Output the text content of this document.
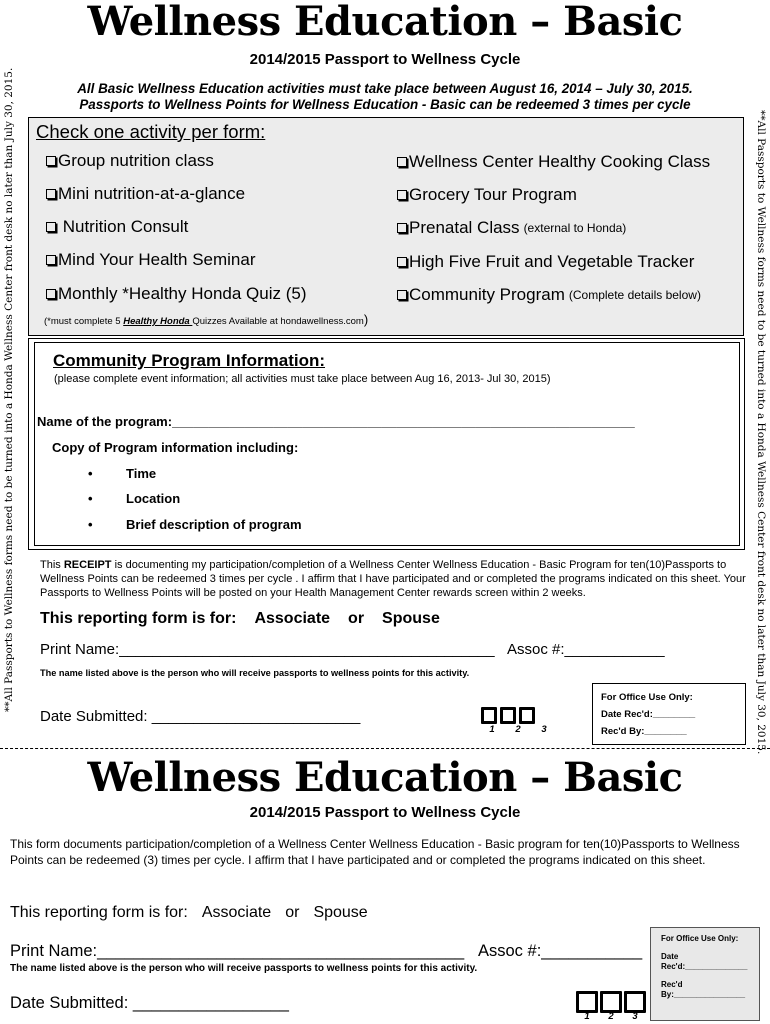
Wellness Education – Basic
2014/2015 Passport to Wellness Cycle
All Basic Wellness Education activities must take place between August 16, 2014 – July 30, 2015.
Passports to Wellness Points for Wellness Education - Basic can be redeemed 3 times per cycle
**All Passports to Wellness forms need to be turned into a Honda Wellness Center front desk no later than July 30, 2015.	**All Passports to Wellness forms need to be turned into a Honda Wellness Center front desk no later than July 30, 2015.
Check one activity per form:
Group nutrition class
Mini nutrition-at-a-glance
Nutrition Consult
Mind Your Health Seminar
Monthly *Healthy Honda Quiz (5)
Wellness Center Healthy Cooking Class
Grocery Tour Program
Prenatal Class (external to Honda)
High Five Fruit and Vegetable Tracker
Community Program (Complete details below)
(*must complete 5 Healthy Honda Quizzes Available at hondawellness.com)
Community Program Information:
(please complete event information; all activities must take place between Aug 16, 2013- Jul 30, 2015)
Name of the program:________________________________________________________________
Copy of Program information including:
•	Time
•	Location
•	Brief description of program
This RECEIPT is documenting my participation/completion of a Wellness Center Wellness Education - Basic Program for ten(10)Passports to Wellness Points can be redeemed 3 times per cycle . I affirm that I have participated and or completed the programs indicated on this sheet. Your Passports to Wellness Points will be posted on your Health Management Center rewards screen within 2 weeks.
This reporting form is for: Associate or Spouse
Print Name:_____________________________________________ Assoc #:____________
The name listed above is the person who will receive passports to wellness points for this activity.
Date Submitted: _________________________
1 2 3
For Office Use Only:
Date Rec'd:________
Rec'd By:________
Wellness Education – Basic
2014/2015 Passport to Wellness Cycle
This form documents participation/completion of a Wellness Center Wellness Education - Basic program for ten(10)Passports to Wellness Points can be redeemed (3) times per cycle. I affirm that I have participated and or completed the programs indicated on this sheet.
This reporting form is for: Associate or Spouse
Print Name:________________________________________ Assoc #:___________
The name listed above is the person who will receive passports to wellness points for this activity.
Date Submitted: _________________
1 2 3
For Office Use Only:
Date
Rec'd:______________
Rec'd
By:________________
